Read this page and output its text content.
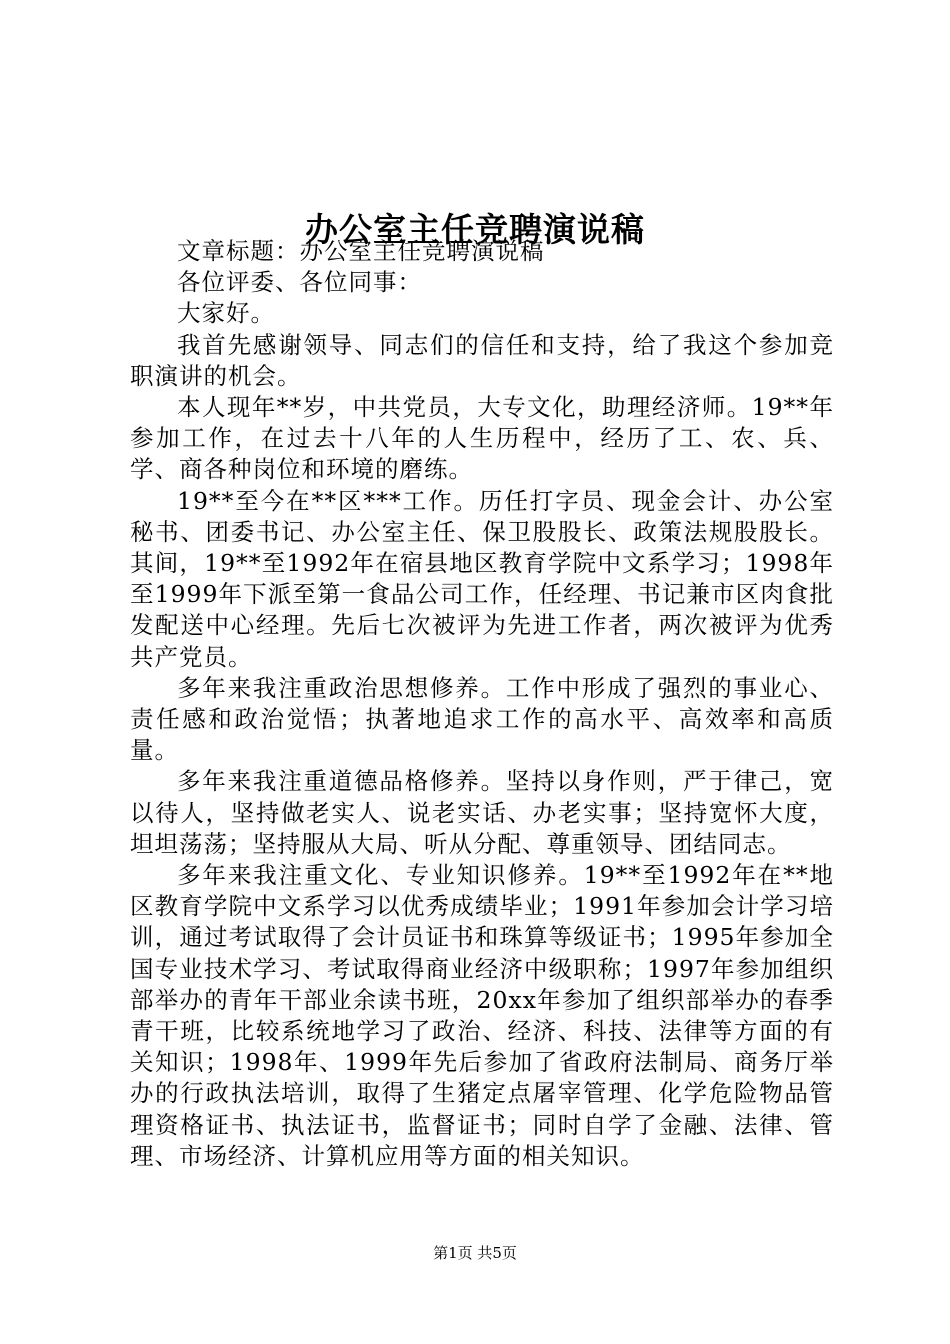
办公室主任竞聘演说稿

文章标题：办公室主任竞聘演说稿

各位评委、各位同事：

大家好。

我首先感谢领导、同志们的信任和支持，给了我这个参加竞职演讲的机会。

本人现年**岁，中共党员，大专文化，助理经济师。19**年参加工作，在过去十八年的人生历程中，经历了工、农、兵、学、商各种岗位和环境的磨练。

19**至今在**区***工作。历任打字员、现金会计、办公室秘书、团委书记、办公室主任、保卫股股长、政策法规股股长。其间，19**至1992年在宿县地区教育学院中文系学习；1998年至1999年下派至第一食品公司工作，任经理、书记兼市区肉食批发配送中心经理。先后七次被评为先进工作者，两次被评为优秀共产党员。

多年来我注重政治思想修养。工作中形成了强烈的事业心、责任感和政治觉悟；执著地追求工作的高水平、高效率和高质量。

多年来我注重道德品格修养。坚持以身作则，严于律己，宽以待人，坚持做老实人、说老实话、办老实事；坚持宽怀大度，坦坦荡荡；坚持服从大局、听从分配、尊重领导、团结同志。

多年来我注重文化、专业知识修养。19**至1992年在**地区教育学院中文系学习以优秀成绩毕业；1991年参加会计学习培训，通过考试取得了会计员证书和珠算等级证书；1995年参加全国专业技术学习、考试取得商业经济中级职称；1997年参加组织部举办的青年干部业余读书班，20xx年参加了组织部举办的春季青干班，比较系统地学习了政治、经济、科技、法律等方面的有关知识；1998年、1999年先后参加了省政府法制局、商务厅举办的行政执法培训，取得了生猪定点屠宰管理、化学危险物品管理资格证书、执法证书，监督证书；同时自学了金融、法律、管理、市场经济、计算机应用等方面的相关知识。

第1页 共5页
